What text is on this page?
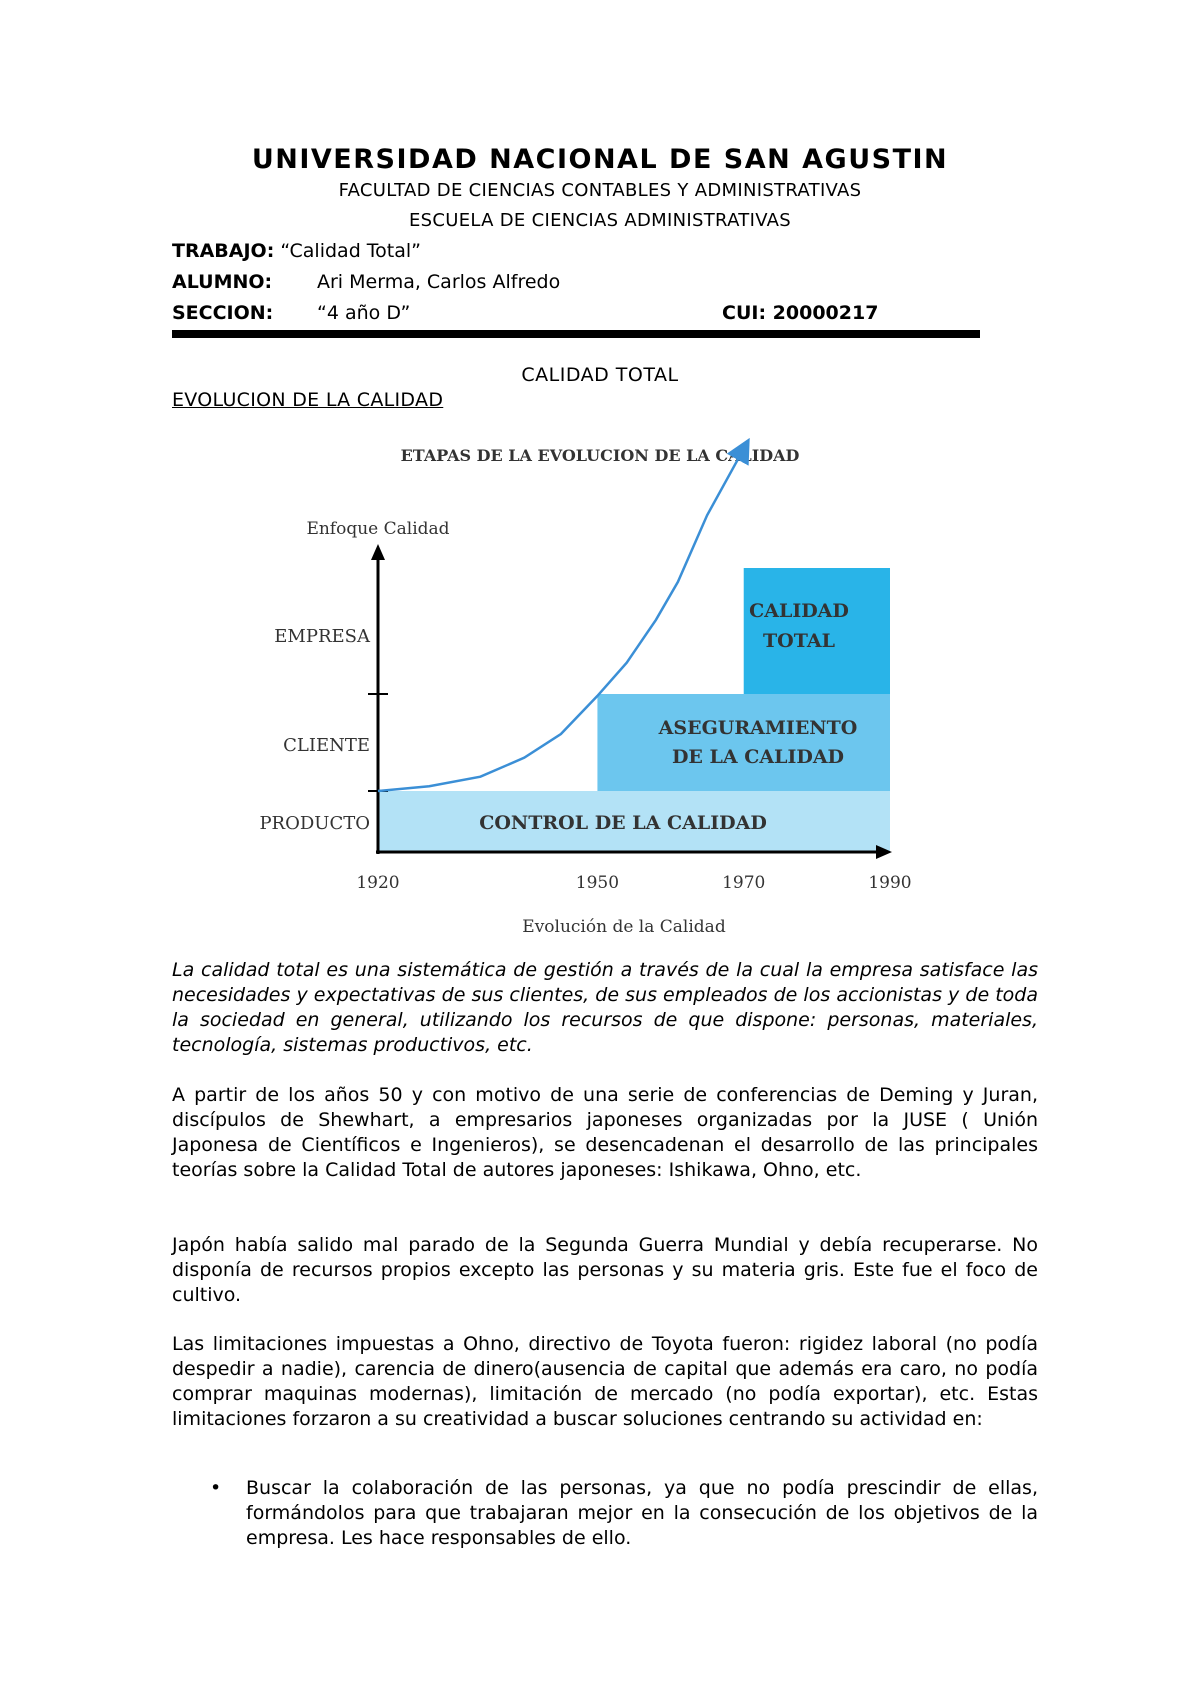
UNIVERSIDAD NACIONAL DE SAN AGUSTIN
FACULTAD DE CIENCIAS CONTABLES Y ADMINISTRATIVAS
ESCUELA DE CIENCIAS ADMINISTRATIVAS
TRABAJO: “Calidad Total”
ALUMNO: Ari Merma, Carlos Alfredo
SECCION: “4 año D”	CUI: 20000217
CALIDAD TOTAL
EVOLUCION DE LA CALIDAD
ETAPAS DE LA EVOLUCION DE LA CALIDAD
CONTROL DE LA CALIDAD
ASEGURAMIENTO
DE LA CALIDAD
CALIDAD
TOTAL
EMPRESA
CLIENTE
PRODUCTO
Enfoque Calidad
Evolución de la Calidad
1920	1950	1970	1990

La calidad total es una sistemática de gestión a través de la cual la empresa satisface las necesidades y expectativas de sus clientes, de sus empleados de los accionistas y de toda la sociedad en general, utilizando los recursos de que dispone: personas, materiales, tecnología, sistemas productivos, etc.

A partir de los años 50 y con motivo de una serie de conferencias de Deming y Juran, discípulos de Shewhart, a empresarios japoneses organizadas por la JUSE ( Unión Japonesa de Científicos e Ingenieros), se desencadenan el desarrollo de las principales teorías sobre la Calidad Total de autores japoneses: Ishikawa, Ohno, etc.

Japón había salido mal parado de la Segunda Guerra Mundial y debía recuperarse. No disponía de recursos propios excepto las personas y su materia gris. Este fue el foco de cultivo.

Las limitaciones impuestas a Ohno, directivo de Toyota fueron: rigidez laboral (no podía despedir a nadie), carencia de dinero(ausencia de capital que además era caro, no podía comprar maquinas modernas), limitación de mercado (no podía exportar), etc. Estas limitaciones forzaron a su creatividad a buscar soluciones centrando su actividad en:

• Buscar la colaboración de las personas, ya que no podía prescindir de ellas, formándolos para que trabajaran mejor en la consecución de los objetivos de la empresa. Les hace responsables de ello.
